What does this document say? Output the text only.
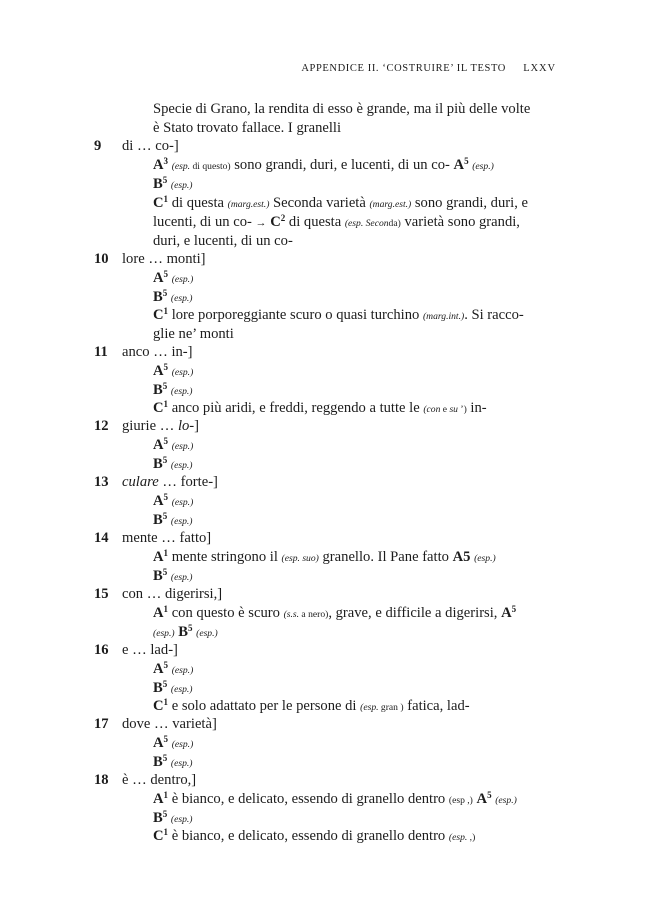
APPENDICE II. ‘COSTRUIRE’ IL TESTO LXXV
Specie di Grano, la rendita di esso è grande, ma il più delle volte
è Stato trovato fallace. I granelli
9 di … co-]
$A^3$ (esp. di questo) sono grandi, duri, e lucenti, di un co- $A^5$ (esp.)
$B^5$ (esp.)
$C^1$ di questa (marg.est.) Seconda varietà (marg.est.) sono grandi, duri, e
lucenti, di un $co- \to C^2$ di questa (esp. Seconda) varietà sono grandi,
duri, e lucenti, di un co-
10 lore … monti]
$A^5$ (esp.)
$B^5$ (esp.)
$C^1$ lore porporeggiante scuro o quasi turchino (marg.int.). Si racco-
glie ne’ monti
11 anco … in-]
$A^5$ (esp.)
$B^5$ (esp.)
$C^1$ anco più aridi, e freddi, reggendo a tutte le (con e su ’) in-
12 giurie … lo-]
$A^5$ (esp.)
$B^5$ (esp.)
13 culare … forte-]
$A^5$ (esp.)
$B^5$ (esp.)
14 mente … fatto]
$A^1$ mente stringono il (esp. suo) granello. Il Pane fatto A5 (esp.)
$B^5$ (esp.)
15 con … digerirsi,]
$A^1$ con questo è scuro (s.s. a nero), grave, e difficile a digerirsi, $A^5$
(esp.) $B^5$ (esp.)
16 e … lad-]
$A^5$ (esp.)
$B^5$ (esp.)
$C^1$ e solo adattato per le persone di (esp. gran ) fatica, lad-
17 dove … varietà]
$A^5$ (esp.)
$B^5$ (esp.)
18 è … dentro,]
$A^1$ è bianco, e delicato, essendo di granello dentro (esp ,) $A^5$ (esp.)
$B^5$ (esp.)
$C^1$ è bianco, e delicato, essendo di granello dentro (esp. ,)
